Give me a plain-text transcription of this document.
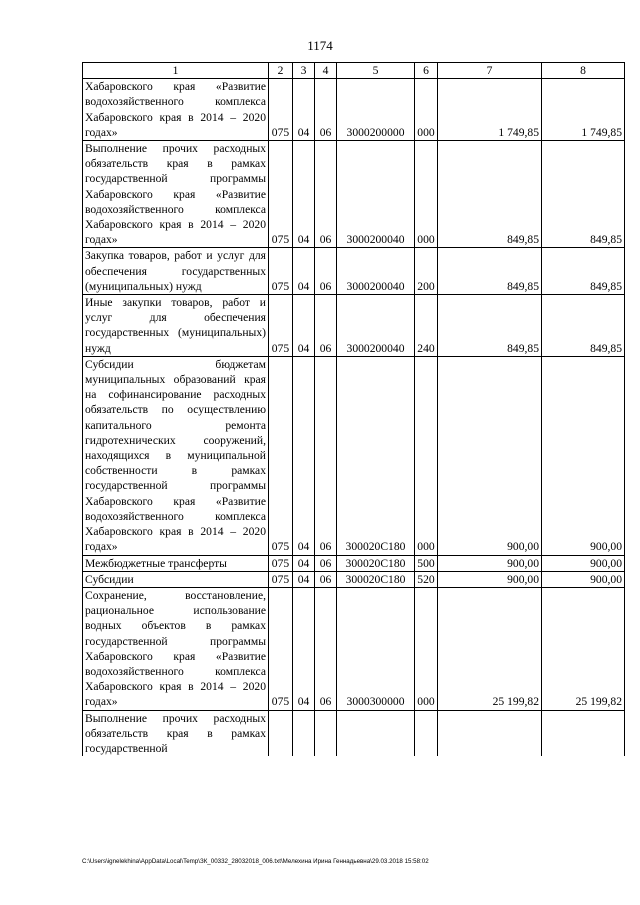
1174
1	2	3	4	5	6	7	8
Хабаровского края «Развитие водохозяйственного комплекса Хабаровского края в 2014 – 2020 годах»	075	04	06	3000200000	000	1 749,85	1 749,85
Выполнение прочих расходных обязательств края в рамках государственной программы Хабаровского края «Развитие водохозяйственного комплекса Хабаровского края в 2014 – 2020 годах»	075	04	06	3000200040	000	849,85	849,85
Закупка товаров, работ и услуг для обеспечения государственных (муниципальных) нужд	075	04	06	3000200040	200	849,85	849,85
Иные закупки товаров, работ и услуг для обеспечения государственных (муниципальных) нужд	075	04	06	3000200040	240	849,85	849,85
Субсидии бюджетам муниципальных образований края на софинансирование расходных обязательств по осуществлению капитального ремонта гидротехнических сооружений, находящихся в муниципальной собственности в рамках государственной программы Хабаровского края «Развитие водохозяйственного комплекса Хабаровского края в 2014 – 2020 годах»	075	04	06	300020С180	000	900,00	900,00
Межбюджетные трансферты	075	04	06	300020С180	500	900,00	900,00
Субсидии	075	04	06	300020С180	520	900,00	900,00
Сохранение, восстановление, рациональное использование водных объектов в рамках государственной программы Хабаровского края «Развитие водохозяйственного комплекса Хабаровского края в 2014 – 2020 годах»	075	04	06	3000300000	000	25 199,82	25 199,82
Выполнение прочих расходных обязательств края в рамках государственной							
C:\Users\ignelekhina\AppData\Local\Temp\ЗК_00332_28032018_006.txt\Мелехина Ирина Геннадьевна\29.03.2018 15:58:02
